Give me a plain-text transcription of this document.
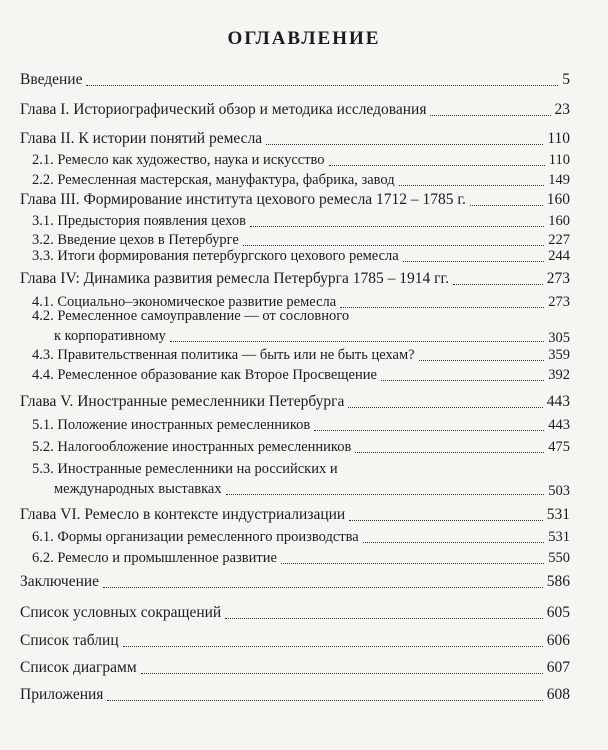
ОГЛАВЛЕНИЕ
Введение	5
Глава I. Историографический обзор и методика исследования	23
Глава II. К истории понятий ремесла	110
2.1. Ремесло как художество, наука и искусство	110
2.2. Ремесленная мастерская, мануфактура, фабрика, завод	149
Глава III. Формирование института цехового ремесла 1712 – 1785 г.	160
3.1. Предыстория появления цехов	160
3.2. Введение цехов в Петербурге	227
3.3. Итоги формирования петербургского цехового ремесла	244
Глава IV: Динамика развития ремесла Петербурга 1785 – 1914 гг.	273
4.1. Социально–экономическое развитие ремесла	273
4.2. Ремесленное самоуправление — от сословного
к корпоративному	305
4.3. Правительственная политика — быть или не быть цехам?	359
4.4. Ремесленное образование как Второе Просвещение	392
Глава V. Иностранные ремесленники Петербурга	443
5.1. Положение иностранных ремесленников	443
5.2. Налогообложение иностранных ремесленников	475
5.3. Иностранные ремесленники на российских и
международных выставках	503
Глава VI. Ремесло в контексте индустриализации	531
6.1. Формы организации ремесленного производства	531
6.2. Ремесло и промышленное развитие	550
Заключение	586
Список условных сокращений	605
Список таблиц	606
Список диаграмм	607
Приложения	608
